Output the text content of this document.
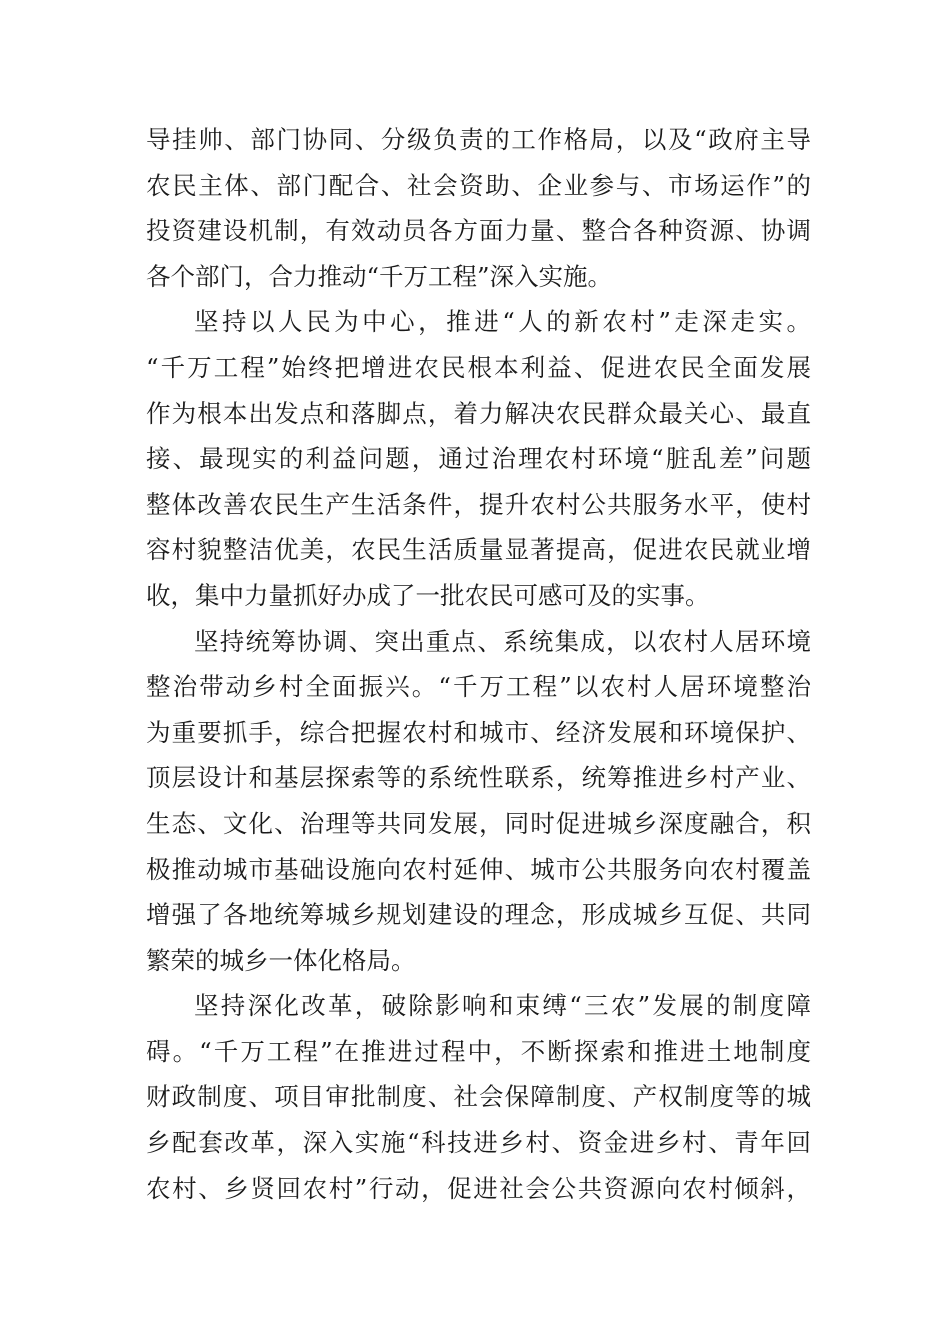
导挂帅、部门协同、分级负责的工作格局，以及“政府主导
农民主体、部门配合、社会资助、企业参与、市场运作”的
投资建设机制，有效动员各方面力量、整合各种资源、协调
各个部门，合力推动“千万工程”深入实施。
坚持以人民为中心，推进“人的新农村”走深走实。
“千万工程”始终把增进农民根本利益、促进农民全面发展
作为根本出发点和落脚点，着力解决农民群众最关心、最直
接、最现实的利益问题，通过治理农村环境“脏乱差”问题
整体改善农民生产生活条件，提升农村公共服务水平，使村
容村貌整洁优美，农民生活质量显著提高，促进农民就业增
收，集中力量抓好办成了一批农民可感可及的实事。
坚持统筹协调、突出重点、系统集成，以农村人居环境
整治带动乡村全面振兴。“千万工程”以农村人居环境整治
为重要抓手，综合把握农村和城市、经济发展和环境保护、
顶层设计和基层探索等的系统性联系，统筹推进乡村产业、
生态、文化、治理等共同发展，同时促进城乡深度融合，积
极推动城市基础设施向农村延伸、城市公共服务向农村覆盖
增强了各地统筹城乡规划建设的理念，形成城乡互促、共同
繁荣的城乡一体化格局。
坚持深化改革，破除影响和束缚“三农”发展的制度障
碍。“千万工程”在推进过程中，不断探索和推进土地制度
财政制度、项目审批制度、社会保障制度、产权制度等的城
乡配套改革，深入实施“科技进乡村、资金进乡村、青年回
农村、乡贤回农村”行动，促进社会公共资源向农村倾斜，
